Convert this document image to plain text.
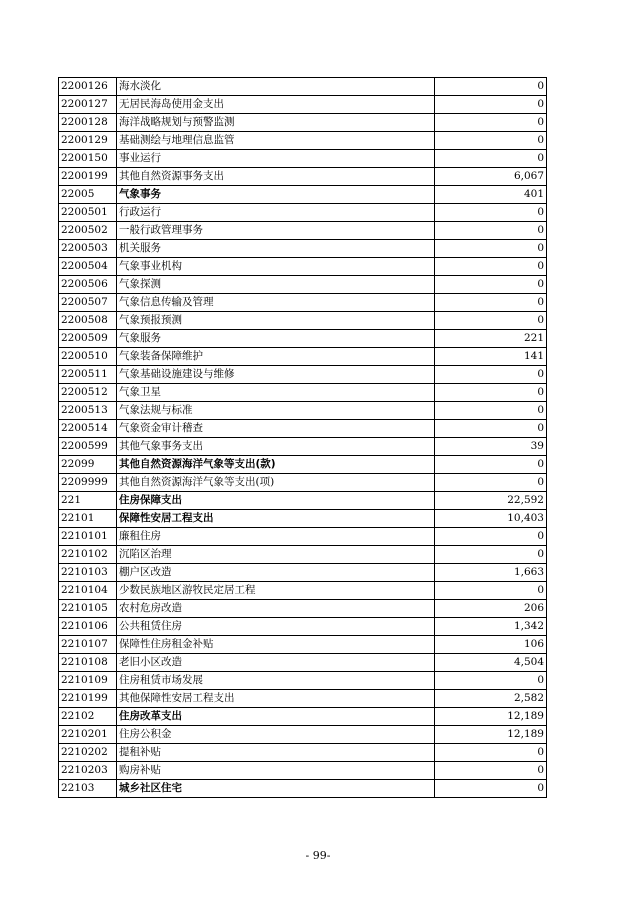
2200126	海水淡化	0
2200127	无居民海岛使用金支出	0
2200128	海洋战略规划与预警监测	0
2200129	基础测绘与地理信息监管	0
2200150	事业运行	0
2200199	其他自然资源事务支出	6,067
22005	气象事务	401
2200501	行政运行	0
2200502	一般行政管理事务	0
2200503	机关服务	0
2200504	气象事业机构	0
2200506	气象探测	0
2200507	气象信息传输及管理	0
2200508	气象预报预测	0
2200509	气象服务	221
2200510	气象装备保障维护	141
2200511	气象基础设施建设与维修	0
2200512	气象卫星	0
2200513	气象法规与标准	0
2200514	气象资金审计稽查	0
2200599	其他气象事务支出	39
22099	其他自然资源海洋气象等支出(款)	0
2209999	其他自然资源海洋气象等支出(项)	0
221	住房保障支出	22,592
22101	保障性安居工程支出	10,403
2210101	廉租住房	0
2210102	沉陷区治理	0
2210103	棚户区改造	1,663
2210104	少数民族地区游牧民定居工程	0
2210105	农村危房改造	206
2210106	公共租赁住房	1,342
2210107	保障性住房租金补贴	106
2210108	老旧小区改造	4,504
2210109	住房租赁市场发展	0
2210199	其他保障性安居工程支出	2,582
22102	住房改革支出	12,189
2210201	住房公积金	12,189
2210202	提租补贴	0
2210203	购房补贴	0
22103	城乡社区住宅	0
- 99-
